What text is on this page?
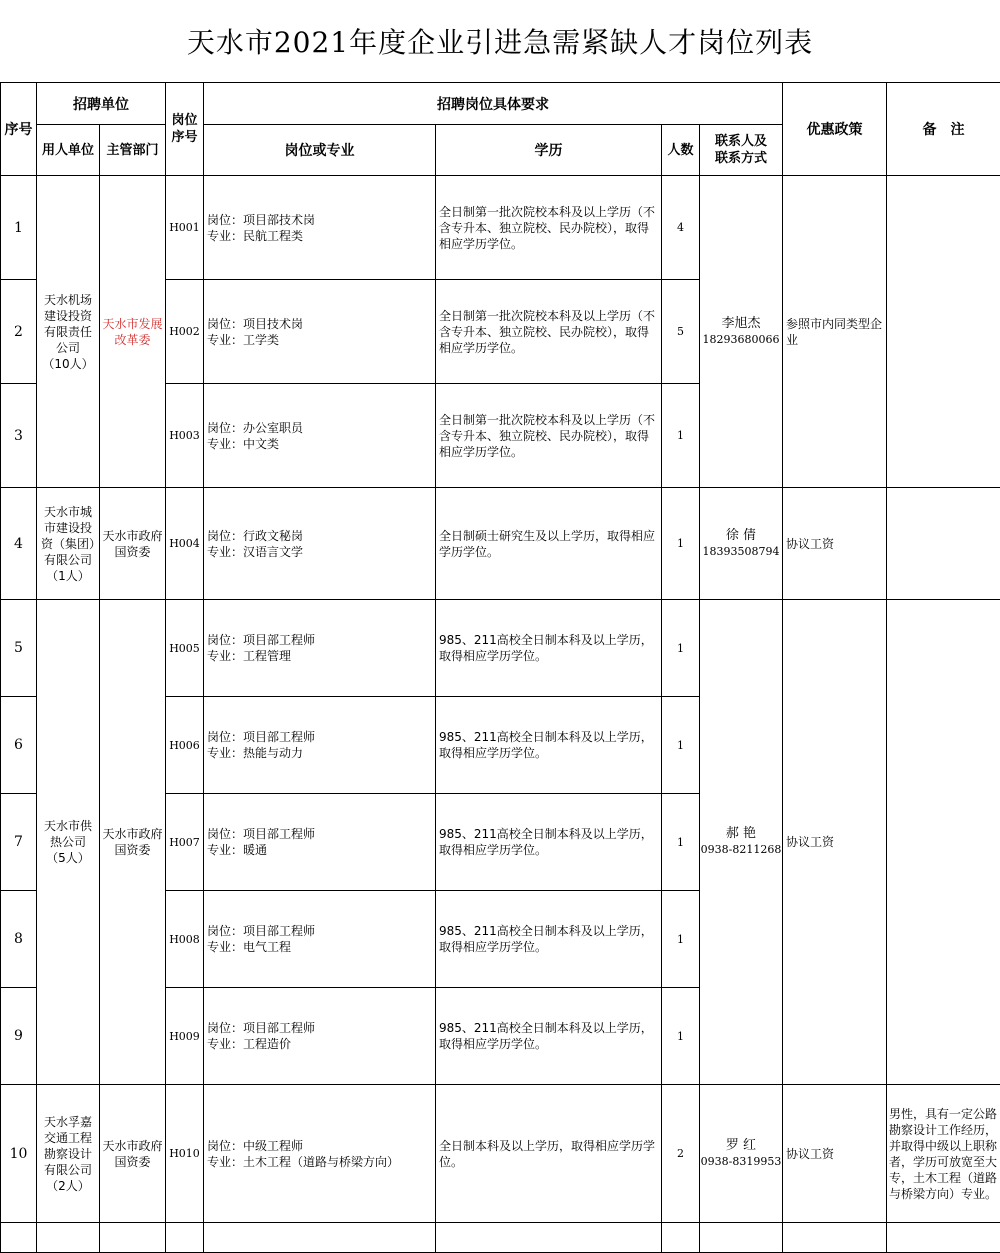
天水市2021年度企业引进急需紧缺人才岗位列表
序号	招聘单位		岗位
序号	招聘岗位具体要求				优惠政策	备　注
	用人单位	主管部门		岗位或专业	学历	人数	联系人及
联系方式		
1	天水机场建设投资有限责任公司
（10人）	天水市发展改革委	H001	岗位：项目部技术岗
专业：民航工程类	全日制第一批次院校本科及以上学历（不含专升本、独立院校、民办院校），取得相应学历学位。	4	李旭杰
18293680066	参照市内同类型企业	
2			H002	岗位：项目技术岗
专业：工学类	全日制第一批次院校本科及以上学历（不含专升本、独立院校、民办院校），取得相应学历学位。	5			
3			H003	岗位：办公室职员
专业：中文类	全日制第一批次院校本科及以上学历（不含专升本、独立院校、民办院校），取得相应学历学位。	1			
4	天水市城市建设投资（集团）有限公司
（1人）	天水市政府国资委	H004	岗位：行政文秘岗
专业：汉语言文学	全日制硕士研究生及以上学历，取得相应学历学位。	1	徐 倩
18393508794	协议工资	
5	天水市供热公司
（5人）	天水市政府国资委	H005	岗位：项目部工程师
专业：工程管理	985、211高校全日制本科及以上学历，取得相应学历学位。	1	郝 艳
0938-8211268	协议工资	
6			H006	岗位：项目部工程师
专业：热能与动力	985、211高校全日制本科及以上学历，取得相应学历学位。	1			
7			H007	岗位：项目部工程师
专业：暖通	985、211高校全日制本科及以上学历，取得相应学历学位。	1			
8			H008	岗位：项目部工程师
专业：电气工程	985、211高校全日制本科及以上学历，取得相应学历学位。	1			
9			H009	岗位：项目部工程师
专业：工程造价	985、211高校全日制本科及以上学历，取得相应学历学位。	1			
10	天水孚嘉交通工程勘察设计有限公司
（2人）	天水市政府国资委	H010	岗位：中级工程师
专业：土木工程（道路与桥梁方向）	全日制本科及以上学历，取得相应学历学位。	2	罗 红
0938-8319953	协议工资	男性，具有一定公路勘察设计工作经历，并取得中级以上职称者，学历可放宽至大专，土木工程（道路与桥梁方向）专业。
